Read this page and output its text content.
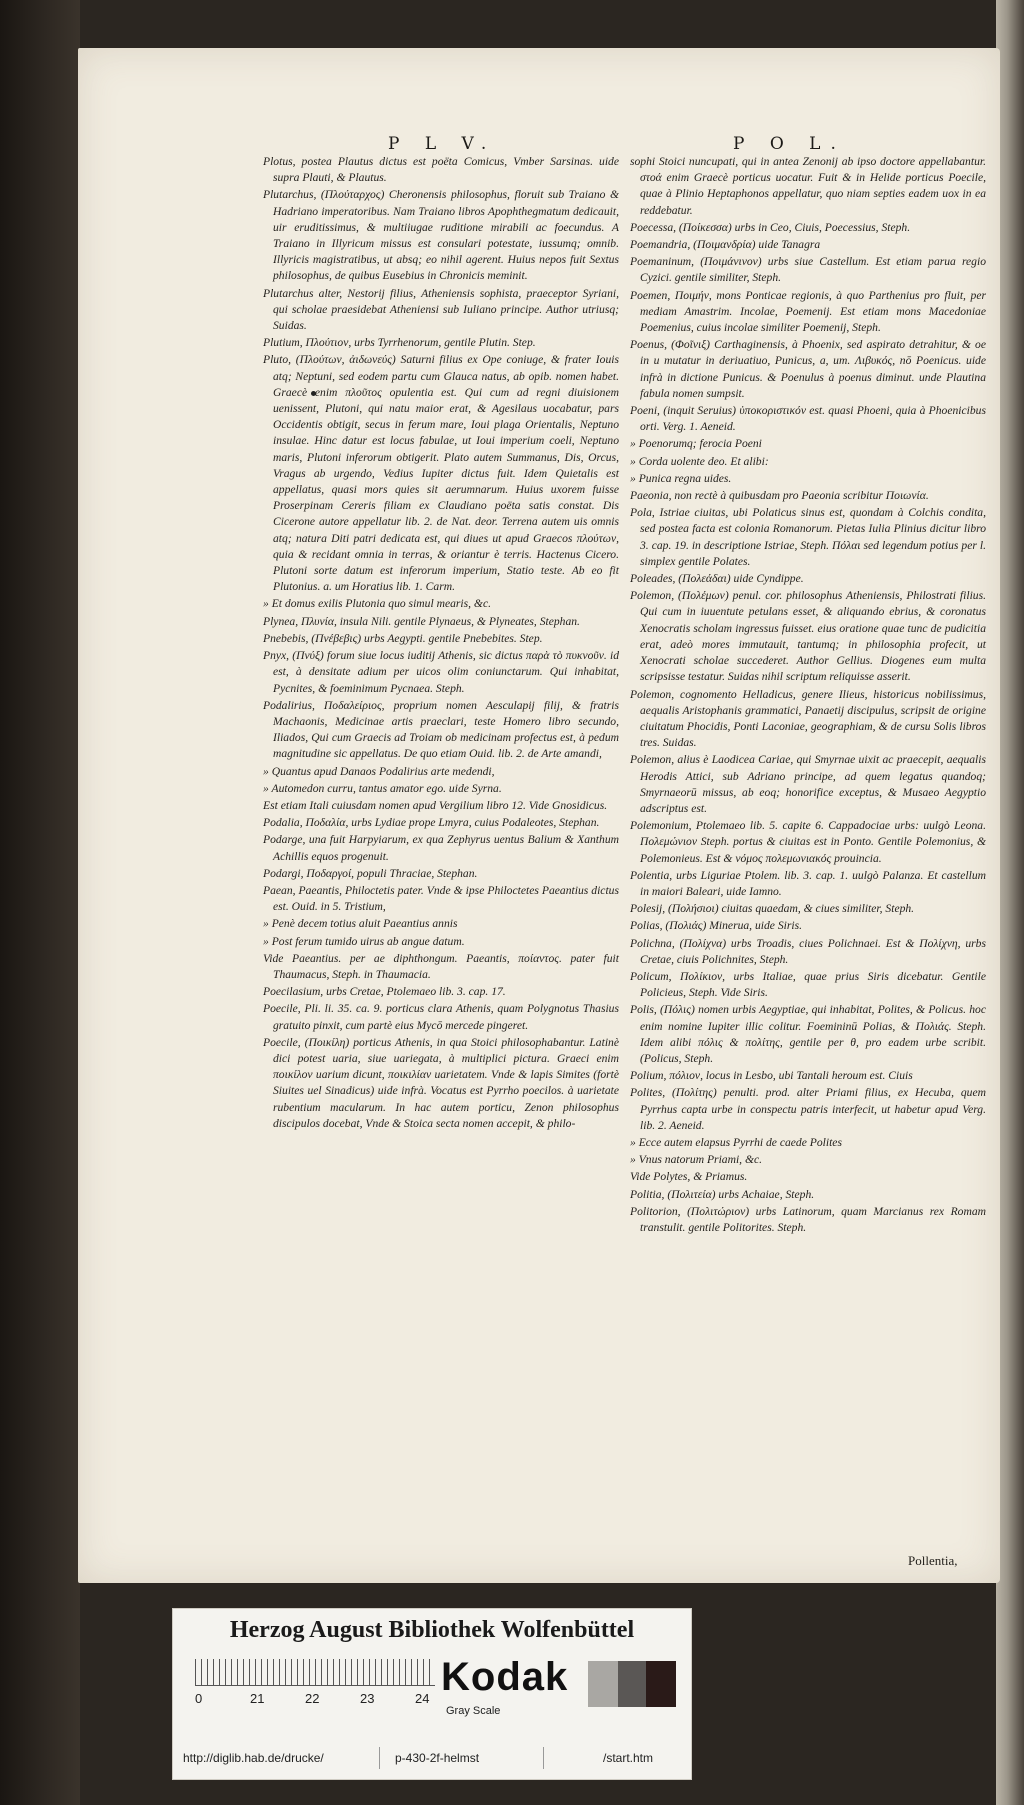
P L V.	P O L.

Plotus, postea Plautus dictus est poëta Comicus, Vmber Sarsinas. uide supra Plauti, & Plautus.

Plutarchus, (Πλούταρχος) Cheronensis philosophus, floruit sub Traiano & Hadriano imperatoribus. Nam Traiano libros Apophthegmatum dedicauit, uir eruditissimus, & multiiugae ruditione mirabili ac foecundus. A Traiano in Illyricum missus est consulari potestate, iussumq; omnib. Illyricis magistratibus, ut absq; eo nihil agerent. Huius nepos fuit Sextus philosophus, de quibus Eusebius in Chronicis meminit.

Plutarchus alter, Nestorij filius, Atheniensis sophista, praeceptor Syriani, qui scholae praesidebat Atheniensi sub Iuliano principe. Author utriusq; Suidas.

Plutium, Πλούτιον, urbs Tyrrhenorum, gentile Plutin. Step.

Pluto, (Πλούτων, ἀιδωνεύς) Saturni filius ex Ope coniuge, & frater Iouis atq; Neptuni, sed eodem partu cum Glauca natus, ab opib. nomen habet. Graecè enim πλοῦτος opulentia est. Qui cum ad regni diuisionem uenissent, Plutoni, qui natu maior erat, & Agesilaus uocabatur, pars Occidentis obtigit, secus in ferum mare, Ioui plaga Orientalis, Neptuno insulae. Hinc datur est locus fabulae, ut Ioui imperium coeli, Neptuno maris, Plutoni inferorum obtigerit. Plato autem Summanus, Dis, Orcus, Vragus ab urgendo, Vedius Iupiter dictus fuit. Idem Quietalis est appellatus, quasi mors quies sit aerumnarum. Huius uxorem fuisse Proserpinam Cereris filiam ex Claudiano poëta satis constat. Dis Cicerone autore appellatur lib. 2. de Nat. deor. Terrena autem uis omnis atq; natura Diti patri dedicata est, qui diues ut apud Graecos πλούτων, quia & recidant omnia in terras, & oriantur è terris. Hactenus Cicero. Plutoni sorte datum est inferorum imperium, Statio teste. Ab eo fit Plutonius. a. um Horatius lib. 1. Carm.

» Et domus exilis Plutonia quo simul mearis, &c.

Plynea, Πλυνία, insula Nili. gentile Plynaeus, & Plyneates, Stephan.

Pnebebis, (Πνέβεβις) urbs Aegypti. gentile Pnebebites. Step.

Pnyx, (Πνύξ) forum siue locus iuditij Athenis, sic dictus παρὰ τὸ πυκνοῦν. id est, à densitate adium per uicos olim coniunctarum. Qui inhabitat, Pycnites, & foeminimum Pycnaea. Steph.

Podalirius, Ποδαλείριος, proprium nomen Aesculapij filij, & fratris Machaonis, Medicinae artis praeclari, teste Homero libro secundo, Iliados, Qui cum Graecis ad Troiam ob medicinam profectus est, à pedum magnitudine sic appellatus. De quo etiam Ouid. lib. 2. de Arte amandi,

» Quantus apud Danaos Podalirius arte medendi,

» Automedon curru, tantus amator ego. uide Syrna.

Est etiam Itali cuiusdam nomen apud Vergilium libro 12. Vide Gnosidicus.

Podalia, Ποδαλία, urbs Lydiae prope Lmyra, cuius Podaleotes, Stephan.

Podarge, una fuit Harpyiarum, ex qua Zephyrus uentus Balium & Xanthum Achillis equos progenuit.

Podargi, Ποδαργοί, populi Thraciae, Stephan.

Paean, Paeantis, Philoctetis pater. Vnde & ipse Philoctetes Paeantius dictus est. Ouid. in 5. Tristium,

» Penè decem totius aluit Paeantius annis

» Post ferum tumido uirus ab angue datum.

Vide Paeantius. per ae diphthongum. Paeantis, ποίαντος. pater fuit Thaumacus, Steph. in Thaumacia.

Poecilasium, urbs Cretae, Ptolemaeo lib. 3. cap. 17.

Poecile, Pli. li. 35. ca. 9. porticus clara Athenis, quam Polygnotus Thasius gratuito pinxit, cum partè eius Mycō mercede pingeret.

Poecile, (Ποικίλη) porticus Athenis, in qua Stoici philosophabantur. Latinè dici potest uaria, siue uariegata, à multiplici pictura. Graeci enim ποικίλον uarium dicunt, ποικιλίαν uarietatem. Vnde & lapis Simites (fortè Siuites uel Sinadicus) uide infrà. Vocatus est Pyrrho poecilos. à uarietate rubentium macularum. In hac autem porticu, Zenon philosophus discipulos docebat, Vnde & Stoica secta nomen accepit, & philo-

sophi Stoici nuncupati, qui in antea Zenonij ab ipso doctore appellabantur. στοά enim Graecè porticus uocatur. Fuit & in Helide porticus Poecile, quae à Plinio Heptaphonos appellatur, quo niam septies eadem uox in ea reddebatur.

Poecessa, (Ποίκεσσα) urbs in Ceo, Ciuis, Poecessius, Steph.

Poemandria, (Ποιμανδρία) uide Tanagra

Poemaninum, (Ποιμάνινον) urbs siue Castellum. Est etiam parua regio Cyzici. gentile similiter, Steph.

Poemen, Ποιμήν, mons Ponticae regionis, à quo Parthenius pro fluit, per mediam Amastrim. Incolae, Poemenij. Est etiam mons Macedoniae Poemenius, cuius incolae similiter Poemenij, Steph.

Poenus, (Φοῖνιξ) Carthaginensis, à Phoenix, sed aspirato detrahitur, & oe in u mutatur in deriuatiuo, Punicus, a, um. Λιβυκός, nō Poenicus. uide infrà in dictione Punicus. & Poenulus à poenus diminut. unde Plautina fabula nomen sumpsit.

Poeni, (inquit Seruius) ὑποκοριστικόν est. quasi Phoeni, quia à Phoenicibus orti. Verg. 1. Aeneid.

» Poenorumq; ferocia Poeni

» Corda uolente deo. Et alibi:

» Punica regna uides.

Paeonia, non rectè à quibusdam pro Paeonia scribitur Ποιωνία.

Pola, Istriae ciuitas, ubi Polaticus sinus est, quondam à Colchis condita, sed postea facta est colonia Romanorum. Pietas Iulia Plinius dicitur libro 3. cap. 19. in descriptione Istriae, Steph. Πόλαι sed legendum potius per l. simplex gentile Polates.

Poleades, (Πολεάδαι) uide Cyndippe.

Polemon, (Πολέμων) penul. cor. philosophus Atheniensis, Philostrati filius. Qui cum in iuuentute petulans esset, & aliquando ebrius, & coronatus Xenocratis scholam ingressus fuisset. eius oratione quae tunc de pudicitia erat, adeò mores immutauit, tantumq; in philosophia profecit, ut Xenocrati scholae succederet. Author Gellius. Diogenes eum multa scripsisse testatur. Suidas nihil scriptum reliquisse asserit.

Polemon, cognomento Helladicus, genere Ilieus, historicus nobilissimus, aequalis Aristophanis grammatici, Panaetij discipulus, scripsit de origine ciuitatum Phocidis, Ponti Laconiae, geographiam, & de cursu Solis libros tres. Suidas.

Polemon, alius è Laodicea Cariae, qui Smyrnae uixit ac praecepit, aequalis Herodis Attici, sub Adriano principe, ad quem legatus quandoq; Smyrnaeorū missus, ab eoq; honorifice exceptus, & Musaeo Aegyptio adscriptus est.

Polemonium, Ptolemaeo lib. 5. capite 6. Cappadociae urbs: uulgò Leona. Πολεμώνιον Steph. portus & ciuitas est in Ponto. Gentile Polemonius, & Polemonieus. Est & νόμος πολεμωνιακός prouincia.

Polentia, urbs Liguriae Ptolem. lib. 3. cap. 1. uulgò Palanza. Et castellum in maiori Baleari, uide Iamno.

Polesij, (Πολήσιοι) ciuitas quaedam, & ciues similiter, Steph.

Polias, (Πολιάς) Minerua, uide Siris.

Polichna, (Πολίχνα) urbs Troadis, ciues Polichnaei. Est & Πολίχνη, urbs Cretae, ciuis Polichnites, Steph.

Policum, Πολίκιον, urbs Italiae, quae prius Siris dicebatur. Gentile Policieus, Steph. Vide Siris.

Polis, (Πόλις) nomen urbis Aegyptiae, qui inhabitat, Polites, & Policus. hoc enim nomine Iupiter illic colitur. Foemininū Polias, & Πολιάς. Steph. Idem alibi πόλις & πολίτης, gentile per θ, pro eadem urbe scribit. (Policus, Steph.

Polium, πόλιον, locus in Lesbo, ubi Tantali heroum est. Ciuis

Polites, (Πολίτης) penulti. prod. alter Priami filius, ex Hecuba, quem Pyrrhus capta urbe in conspectu patris interfecit, ut habetur apud Verg. lib. 2. Aeneid.

» Ecce autem elapsus Pyrrhi de caede Polites

» Vnus natorum Priami, &c.

Vide Polytes, & Priamus.

Politia, (Πολιτεία) urbs Achaiae, Steph.

Politorion, (Πολιτώριον) urbs Latinorum, quam Marcianus rex Romam transtulit. gentile Politorites. Steph.

Pollentia,
Herzog August Bibliothek Wolfenbüttel
0	21	22	23	24 Kodak
Gray Scale
http://diglib.hab.de/drucke/	p-430-2f-helmst	/start.htm
